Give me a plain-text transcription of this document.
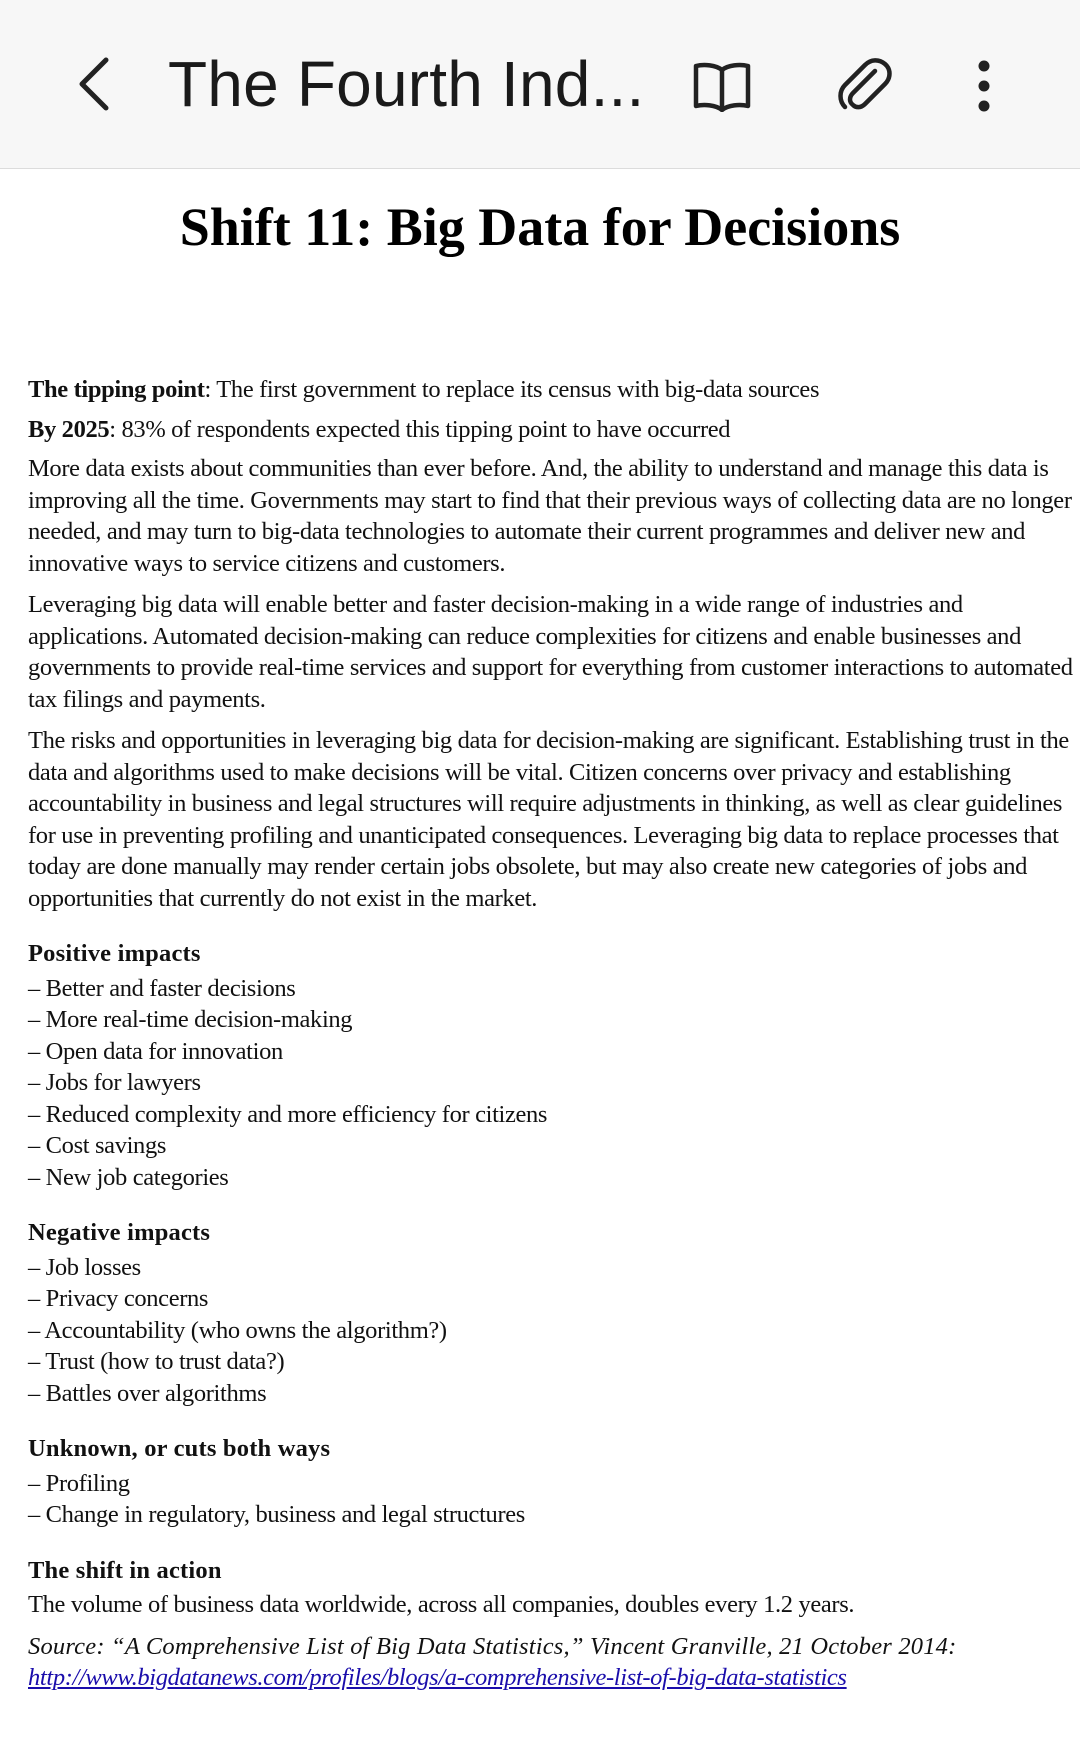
The Fourth Ind...
Shift 11: Big Data for Decisions

The tipping point: The first government to replace its census with big-data sources

By 2025: 83% of respondents expected this tipping point to have occurred

More data exists about communities than ever before. And, the ability to understand and manage this data is improving all the time. Governments may start to find that their previous ways of collecting data are no longer needed, and may turn to big-data technologies to automate their current programmes and deliver new and innovative ways to service citizens and customers.

Leveraging big data will enable better and faster decision-making in a wide range of industries and applications. Automated decision-making can reduce complexities for citizens and enable businesses and governments to provide real-time services and support for everything from customer interactions to automated tax filings and payments.

The risks and opportunities in leveraging big data for decision-making are significant. Establishing trust in the data and algorithms used to make decisions will be vital. Citizen concerns over privacy and establishing accountability in business and legal structures will require adjustments in thinking, as well as clear guidelines for use in preventing profiling and unanticipated consequences. Leveraging big data to replace processes that today are done manually may render certain jobs obsolete, but may also create new categories of jobs and opportunities that currently do not exist in the market.

Positive impacts
– Better and faster decisions
– More real-time decision-making
– Open data for innovation
– Jobs for lawyers
– Reduced complexity and more efficiency for citizens
– Cost savings
– New job categories
Negative impacts
– Job losses
– Privacy concerns
– Accountability (who owns the algorithm?)
– Trust (how to trust data?)
– Battles over algorithms
Unknown, or cuts both ways
– Profiling
– Change in regulatory, business and legal structures
The shift in action
The volume of business data worldwide, across all companies, doubles every 1.2 years.
Source: “A Comprehensive List of Big Data Statistics,” Vincent Granville, 21 October 2014:
http://www.bigdatanews.com/profiles/blogs/a-comprehensive-list-of-big-data-statistics
